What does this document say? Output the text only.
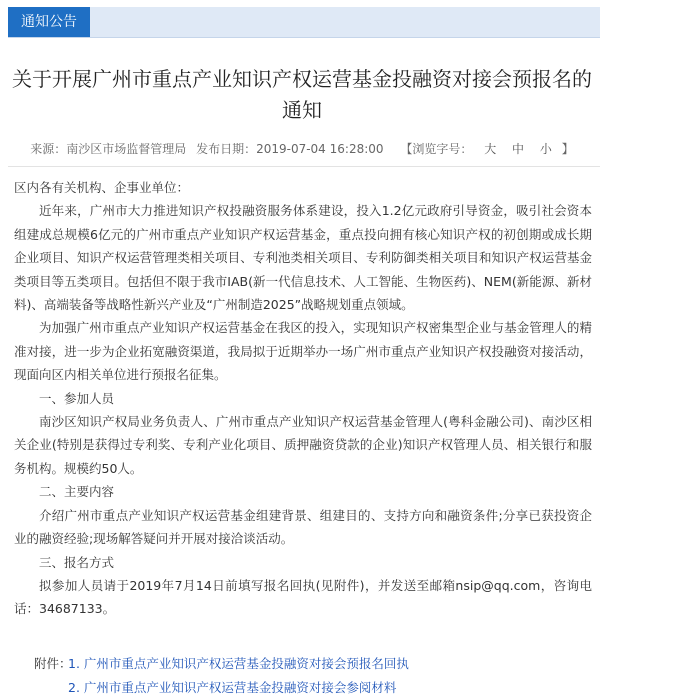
通知公告
关于开展广州市重点产业知识产权运营基金投融资对接会预报名的通知
来源：南沙区市场监督管理局 发布日期：2019-07-04 16:28:00 【浏览字号： 大 中 小 】

区内各有关机构、企事业单位：

近年来，广州市大力推进知识产权投融资服务体系建设，投入1.2亿元政府引导资金，吸引社会资本组建成总规模6亿元的广州市重点产业知识产权运营基金，重点投向拥有核心知识产权的初创期或成长期企业项目、知识产权运营管理类相关项目、专利池类相关项目、专利防御类相关项目和知识产权运营基金类项目等五类项目。包括但不限于我市IAB(新一代信息技术、人工智能、生物医药)、NEM(新能源、新材料)、高端装备等战略性新兴产业及“广州制造2025”战略规划重点领域。

为加强广州市重点产业知识产权运营基金在我区的投入，实现知识产权密集型企业与基金管理人的精准对接，进一步为企业拓宽融资渠道，我局拟于近期举办一场广州市重点产业知识产权投融资对接活动，现面向区内相关单位进行预报名征集。

一、参加人员

南沙区知识产权局业务负责人、广州市重点产业知识产权运营基金管理人(粤科金融公司)、南沙区相关企业(特别是获得过专利奖、专利产业化项目、质押融资贷款的企业)知识产权管理人员、相关银行和服务机构。规模约50人。

二、主要内容

介绍广州市重点产业知识产权运营基金组建背景、组建目的、支持方向和融资条件;分享已获投资企业的融资经验;现场解答疑问并开展对接洽谈活动。

三、报名方式

拟参加人员请于2019年7月14日前填写报名回执(见附件)，并发送至邮箱nsip@qq.com，咨询电话：34687133。

附件：1. 广州市重点产业知识产权运营基金投融资对接会预报名回执
2. 广州市重点产业知识产权运营基金投融资对接会参阅材料
